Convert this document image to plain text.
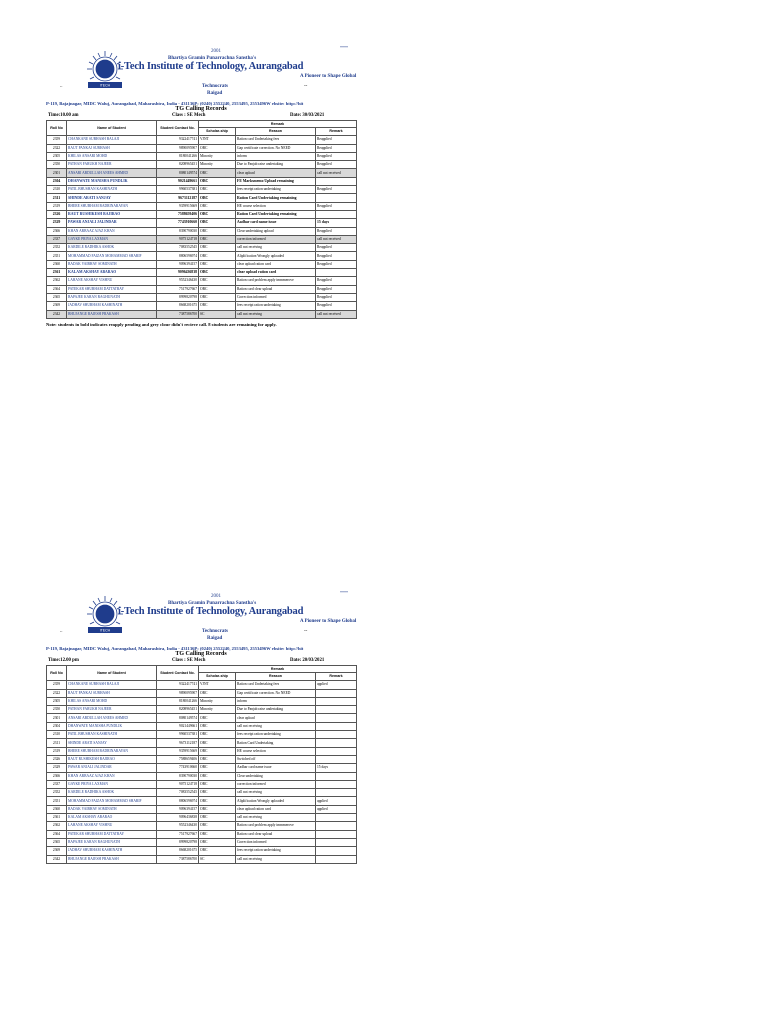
iTECH
****
2001
Bhartiya Gramin Punarrachna Sanstha's
i-Tech Institute of Technology, Aurangabad
A Pioneer to Shape Global
..	Technocrats	--
Raigad
P-119, Bajajnagar, MIDC Waluj, Aurangabad, Maharashtra, India - 431136P: (0240) 2552240, 2553495, 2553496W ebsite: http://hit
TG Calling Records
Time:10.00 am	Class : SE Mech	Date: 30/03/2021
Roll No	Name of Student	Student Contact No.	Remark		
			Scholar-ship	Reason	Remark
2359	CHANKANE SUBHASH BALAJI	9322417741	VJNT	Ration card Undertaking fees	Reapplied
2322	RAUT PANKAJ SUBHASH	9890095907	OBC	Gap certificate correction. No NEED	Reapplied
2305	KHILAS ANSARI MOHD	8180041266	Minority	inform	Reapplied
2350	PATHAN FARUKH NAJEER	8208965451	Minority	Due to Panjab raise undertaking	Reapplied
2301	ANSARI ABDULLAH ANEES AHMED	8080149574	OBC	clear upload	call not received
2304	DHANWATE MANISHA PUNDLIK	9021449661	OBC	FE Marksmemo Upload remaining	
2310	PATIL BHUSHAN KASHINATH	9960537381	OBC	fees receipt ration undertaking	Reapplied
2311	SHINDE ARATI SANJAY	9673112187	OBC	Ration Card Undertaking remaining	
2319	BHERE SHUBHAM BADRINARAYAN	9359915669	OBC	HE course selection	Reapplied
2326	RAUT RUSHIKESH BAJIRAO	7588659406	OBC	Ration Card Undertaking remaining	
2329	PAWAR ANJALI JALINDAR	7743910660	OBC	Aadhar card name issue	15 days
2366	KHAN ARBAAZ AJAZ KHAN	8390790030	OBC	Clear undertaking upload	Reapplied
2337	GAYKE PRIYA LAXMAN	9075124718	OBC	correction informed	call not received
2352	KARDILE RADHIKA ASHOK	7083552545	OBC	call not receiving	Reapplied
2351	MOHAMMAD FAIZAN MOHAMMAD SHARIF	8806596974	OBC	Aliplification Wrongly uploaded	Reapplied
2360	BADAK VAIBHAV SOMINATH	9096394157	OBC	clear upload ration card	Reapplied
2361	KALAM AKSHAY ABARAO	9096436838	OBC	clear upload ration card	
2362	LAHANE AKSHAY VISHNU	9552346430	OBC	Ration card problem apply immmerove	Reapplied
2364	PATEKAR SHUBHAM DATTATRAY	7517927667	OBC	Ration card clear upload	Reapplied
2365	BAPAJEE KARAN RAGHUNATH	8999820798	OBC	Correction informed	Reapplied
2369	JADHAV SHUBHAM KASHINATH	8668201675	OBC	fees receipt ration undertaking	Reapplied
2342	BHUJANGE RAJESH PRAKASH	7387586700	SC	call not receiving	call not received
Note: students in bold indicates reapply pending and grey clour didn't recieve call. 8 students are remaining for apply.
iTECH
****
2001
Bhartiya Gramin Punarrachna Sanstha's
i-Tech Institute of Technology, Aurangabad
A Pioneer to Shape Global
..	Technocrats	--
Raigad
P-119, Bajajnagar, MIDC Waluj, Aurangabad, Maharashtra, India - 431136P: (0240) 2552240, 2553495, 2553496W ebsite: http://hit
TG Calling Records
Time:12.00 pm	Class : SE Mech	Date: 20/03/2021
Roll No	Name of Student	Student Contact No.	Remark		
			Scholar-ship	Reason	Remark
2359	CHANKANE SUBHASH BALAJI	9322417741	VJNT	Ration card Undertaking fees	applied
2322	RAUT PANKAJ SUBHASH	9890095907	OBC	Gap certificate correction. No NEED	
2305	KHILAS ANSARI MOHD	8180041266	Minority	inform	
2350	PATHAN FARUKH NAJEER	8208965451	Minority	Due to Panjab raise undertaking	
2301	ANSARI ABDULLAH ANEES AHMED	8080149574	OBC	clear upload	
2304	DHANWATE MANISHA PUNDLIK	9021449661	OBC	call not receiving	
2310	PATIL BHUSHAN KASHINATH	9960537381	OBC	fees receipt ration undertaking	
2311	SHINDE ARATI SANJAY	9673112187	OBC	Ration Card Undertaking	
2319	BHERE SHUBHAM BADRINARAYAN	9359915669	OBC	HE course selection	
2326	RAUT RUSHIKESH BAJIRAO	7588659406	OBC	Switched off	
2329	PAWAR ANJALI JALINDAR	7743910660	OBC	Aadhar card name issue	15 days
2366	KHAN ARBAAZ AJAZ KHAN	8390790030	OBC	Clear undertaking	
2337	GAYKE PRIYA LAXMAN	9075124718	OBC	correction informed	
2352	KARDILE RADHIKA ASHOK	7083552545	OBC	call not receiving	
2351	MOHAMMAD FAIZAN MOHAMMAD SHARIF	8806596974	OBC	Aliplification Wrongly uploaded	applied
2360	BADAK VAIBHAV SOMINATH	9096394157	OBC	clear upload ration card	applied
2361	KALAM AKSHAY ABARAO	9096436838	OBC	call not receiving	
2362	LAHANE AKSHAY VISHNU	9552346430	OBC	Ration card problem apply immmerove	
2364	PATEKAR SHUBHAM DATTATRAY	7517927667	OBC	Ration card clear upload	
2365	BAPAJEE KARAN RAGHUNATH	8999820798	OBC	Correction informed	
2369	JADHAV SHUBHAM KASHINATH	8668201675	OBC	fees receipt ration undertaking	
2342	BHUJANGE RAJESH PRAKASH	7387586700	SC	call not receiving	
